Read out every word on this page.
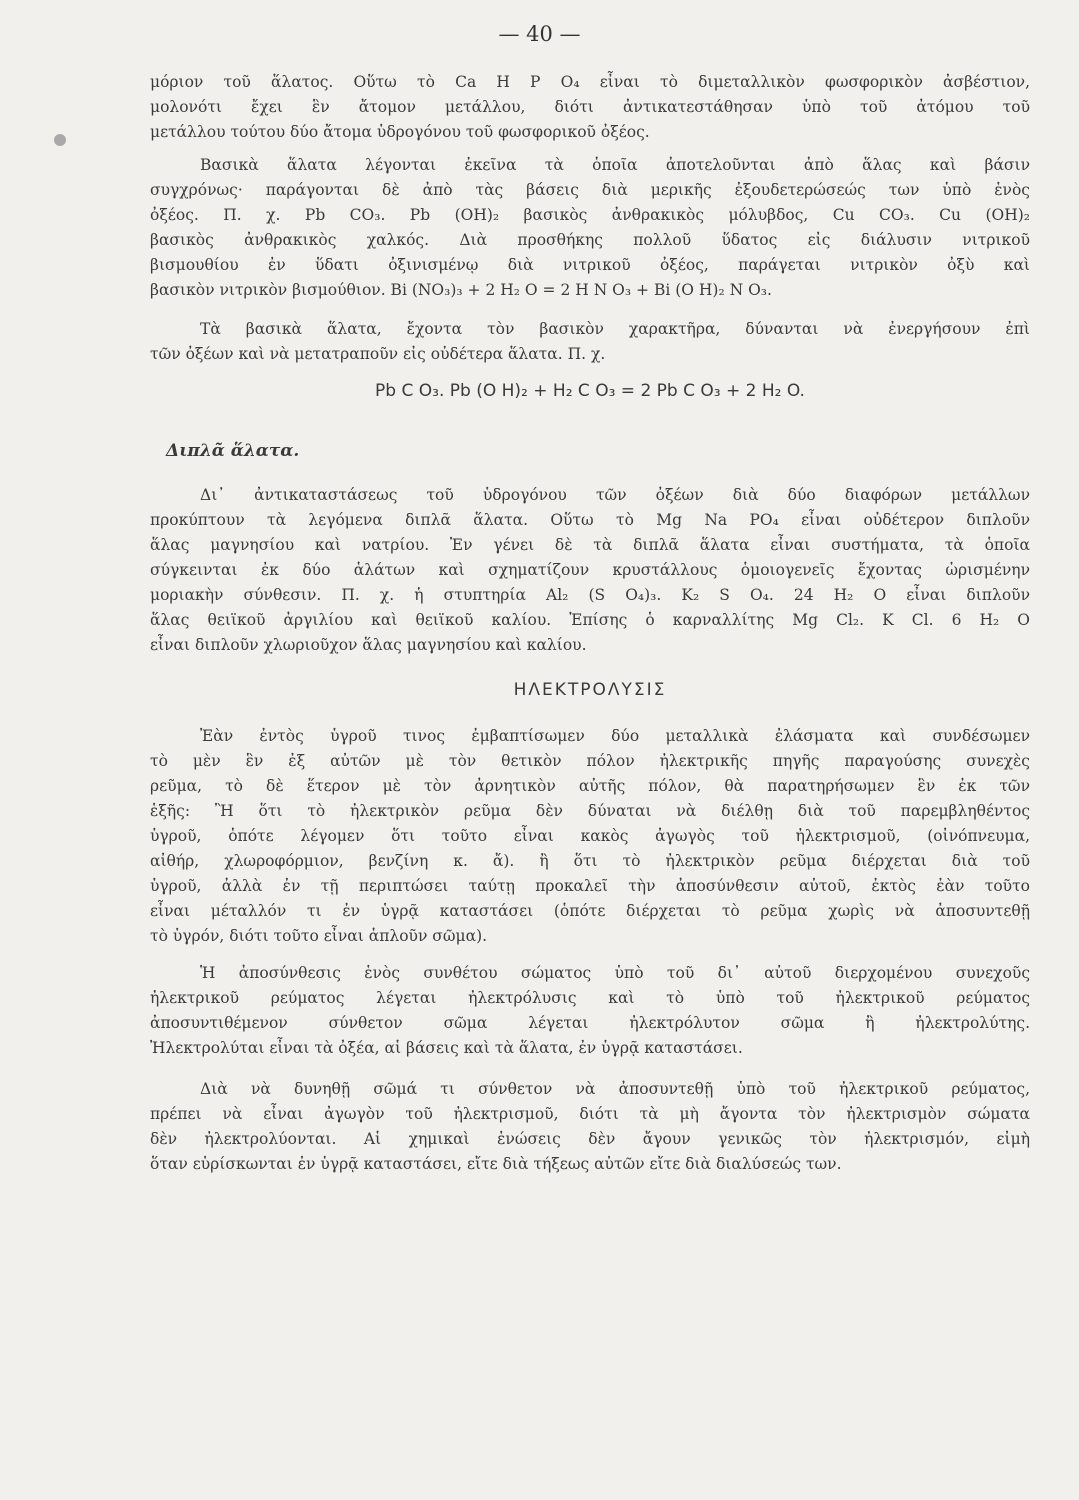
— 40 —
μόριον τοῦ ἅλατος. Οὕτω τὸ Ca H P O₄ εἶναι τὸ διμεταλλικὸν φωσφορικὸν ἀσβέστιον,
μολονότι ἔχει ἓν ἄτομον μετάλλου, διότι ἀντικατεστάθησαν ὑπὸ τοῦ ἀτόμου τοῦ
μετάλλου τούτου δύο ἄτομα ὑδρογόνου τοῦ φωσφορικοῦ ὀξέος.
Βασικὰ ἅλατα λέγονται ἐκεῖνα τὰ ὁποῖα ἀποτελοῦνται ἀπὸ ἅλας καὶ βάσιν
συγχρόνως· παράγονται δὲ ἀπὸ τὰς βάσεις διὰ μερικῆς ἐξουδετερώσεώς των ὑπὸ ἑνὸς
ὀξέος. Π. χ. Pb CO₃. Pb (OH)₂ βασικὸς ἀνθρακικὸς μόλυβδος, Cu CO₃. Cu (OH)₂
βασικὸς ἀνθρακικὸς χαλκός. Διὰ προσθήκης πολλοῦ ὕδατος εἰς διάλυσιν νιτρικοῦ
βισμουθίου ἐν ὕδατι ὀξινισμένῳ διὰ νιτρικοῦ ὀξέος, παράγεται νιτρικὸν ὀξὺ καὶ
βασικὸν νιτρικὸν βισμούθιον. Bi (NO₃)₃ + 2 H₂ O = 2 H N O₃ + Bi (O H)₂ N O₃.
Τὰ βασικὰ ἅλατα, ἔχοντα τὸν βασικὸν χαρακτῆρα, δύνανται νὰ ἐνεργήσουν ἐπὶ
τῶν ὀξέων καὶ νὰ μετατραποῦν εἰς οὐδέτερα ἅλατα. Π. χ.
Pb C O₃. Pb (O H)₂ + H₂ C O₃ = 2 Pb C O₃ + 2 H₂ O.
Διπλᾶ ἅλατα.
Δι᾿ ἀντικαταστάσεως τοῦ ὑδρογόνου τῶν ὀξέων διὰ δύο διαφόρων μετάλλων
προκύπτουν τὰ λεγόμενα διπλᾶ ἅλατα. Οὕτω τὸ Mg Na PO₄ εἶναι οὐδέτερον διπλοῦν
ἅλας μαγνησίου καὶ νατρίου. Ἐν γένει δὲ τὰ διπλᾶ ἅλατα εἶναι συστήματα, τὰ ὁποῖα
σύγκεινται ἐκ δύο ἁλάτων καὶ σχηματίζουν κρυστάλλους ὁμοιογενεῖς ἔχοντας ὡρισμένην
μοριακὴν σύνθεσιν. Π. χ. ἡ στυπτηρία Al₂ (S O₄)₃. K₂ S O₄. 24 H₂ O εἶναι διπλοῦν
ἅλας θειϊκοῦ ἀργιλίου καὶ θειϊκοῦ καλίου. Ἐπίσης ὁ καρναλλίτης Mg Cl₂. K Cl. 6 H₂ O
εἶναι διπλοῦν χλωριοῦχον ἅλας μαγνησίου καὶ καλίου.
ΗΛΕΚΤΡΟΛΥΣΙΣ
Ἐὰν ἐντὸς ὑγροῦ τινος ἐμβαπτίσωμεν δύο μεταλλικὰ ἐλάσματα καὶ συνδέσωμεν
τὸ μὲν ἓν ἐξ αὐτῶν μὲ τὸν θετικὸν πόλον ἠλεκτρικῆς πηγῆς παραγούσης συνεχὲς
ρεῦμα, τὸ δὲ ἕτερον μὲ τὸν ἀρνητικὸν αὐτῆς πόλον, θὰ παρατηρήσωμεν ἓν ἐκ τῶν
ἑξῆς: Ἢ ὅτι τὸ ἠλεκτρικὸν ρεῦμα δὲν δύναται νὰ διέλθῃ διὰ τοῦ παρεμβληθέντος
ὑγροῦ, ὁπότε λέγομεν ὅτι τοῦτο εἶναι κακὸς ἀγωγὸς τοῦ ἠλεκτρισμοῦ, (οἰνόπνευμα,
αἰθήρ, χλωροφόρμιον, βενζίνη κ. ἄ). ἢ ὅτι τὸ ἠλεκτρικὸν ρεῦμα διέρχεται διὰ τοῦ
ὑγροῦ, ἀλλὰ ἐν τῇ περιπτώσει ταύτῃ προκαλεῖ τὴν ἀποσύνθεσιν αὐτοῦ, ἐκτὸς ἐὰν τοῦτο
εἶναι μέταλλόν τι ἐν ὑγρᾷ καταστάσει (ὁπότε διέρχεται τὸ ρεῦμα χωρὶς νὰ ἀποσυντεθῇ
τὸ ὑγρόν, διότι τοῦτο εἶναι ἁπλοῦν σῶμα).
Ἡ ἀποσύνθεσις ἑνὸς συνθέτου σώματος ὑπὸ τοῦ δι᾿ αὐτοῦ διερχομένου συνεχοῦς
ἠλεκτρικοῦ ρεύματος λέγεται ἠλεκτρόλυσις καὶ τὸ ὑπὸ τοῦ ἠλεκτρικοῦ ρεύματος
ἀποσυντιθέμενον σύνθετον σῶμα λέγεται ἠλεκτρόλυτον σῶμα ἢ ἠλεκτρολύτης.
Ἠλεκτρολύται εἶναι τὰ ὀξέα, αἱ βάσεις καὶ τὰ ἅλατα, ἐν ὑγρᾷ καταστάσει.
Διὰ νὰ δυνηθῇ σῶμά τι σύνθετον νὰ ἀποσυντεθῇ ὑπὸ τοῦ ἠλεκτρικοῦ ρεύματος,
πρέπει νὰ εἶναι ἀγωγὸν τοῦ ἠλεκτρισμοῦ, διότι τὰ μὴ ἄγοντα τὸν ἠλεκτρισμὸν σώματα
δὲν ἠλεκτρολύονται. Αἱ χημικαὶ ἑνώσεις δὲν ἄγουν γενικῶς τὸν ἠλεκτρισμόν, εἰμὴ
ὅταν εὑρίσκωνται ἐν ὑγρᾷ καταστάσει, εἴτε διὰ τήξεως αὐτῶν εἴτε διὰ διαλύσεώς των.
